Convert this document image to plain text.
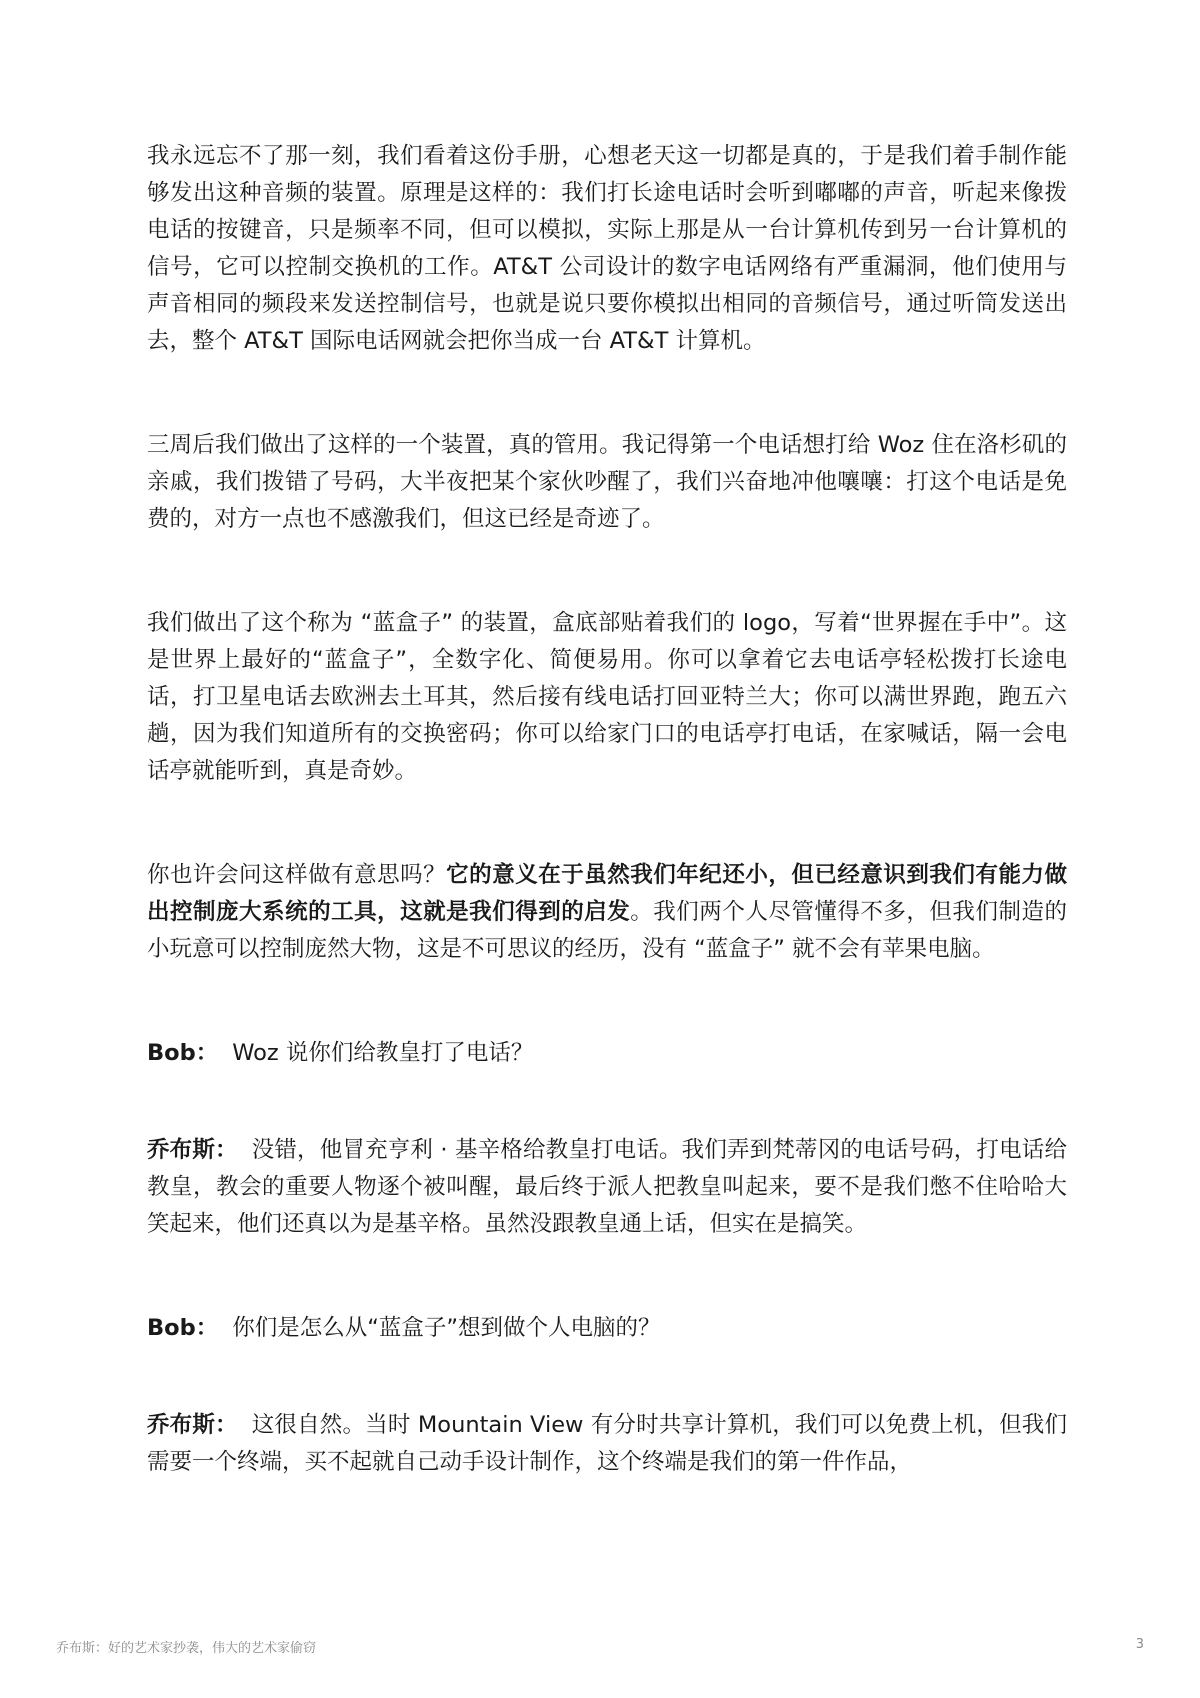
我永远忘不了那一刻，我们看着这份手册，心想老天这一切都是真的，于是我们着手制作能够发出这种音频的装置。原理是这样的：我们打长途电话时会听到嘟嘟的声音，听起来像拨电话的按键音，只是频率不同，但可以模拟，实际上那是从一台计算机传到另一台计算机的信号，它可以控制交换机的工作。AT&T 公司设计的数字电话网络有严重漏洞，他们使用与声音相同的频段来发送控制信号，也就是说只要你模拟出相同的音频信号，通过听筒发送出去，整个 AT&T 国际电话网就会把你当成一台 AT&T 计算机。

三周后我们做出了这样的一个装置，真的管用。我记得第一个电话想打给 Woz 住在洛杉矶的亲戚，我们拨错了号码，大半夜把某个家伙吵醒了，我们兴奋地冲他嚷嚷：打这个电话是免费的，对方一点也不感激我们，但这已经是奇迹了。

我们做出了这个称为 “蓝盒子” 的装置，盒底部贴着我们的 logo，写着“世界握在手中”。这是世界上最好的“蓝盒子”，全数字化、简便易用。你可以拿着它去电话亭轻松拨打长途电话，打卫星电话去欧洲去土耳其，然后接有线电话打回亚特兰大；你可以满世界跑，跑五六趟，因为我们知道所有的交换密码；你可以给家门口的电话亭打电话，在家喊话，隔一会电话亭就能听到，真是奇妙。

你也许会问这样做有意思吗？它的意义在于虽然我们年纪还小，但已经意识到我们有能力做出控制庞大系统的工具，这就是我们得到的启发。我们两个人尽管懂得不多，但我们制造的小玩意可以控制庞然大物，这是不可思议的经历，没有 “蓝盒子” 就不会有苹果电脑。

Bob： Woz 说你们给教皇打了电话？

乔布斯： 没错，他冒充亨利 · 基辛格给教皇打电话。我们弄到梵蒂冈的电话号码，打电话给教皇，教会的重要人物逐个被叫醒，最后终于派人把教皇叫起来，要不是我们憋不住哈哈大笑起来，他们还真以为是基辛格。虽然没跟教皇通上话，但实在是搞笑。

Bob： 你们是怎么从“蓝盒子”想到做个人电脑的？

乔布斯： 这很自然。当时 Mountain View 有分时共享计算机，我们可以免费上机，但我们需要一个终端，买不起就自己动手设计制作，这个终端是我们的第一件作品，

乔布斯：好的艺术家抄袭，伟大的艺术家偷窃	3
